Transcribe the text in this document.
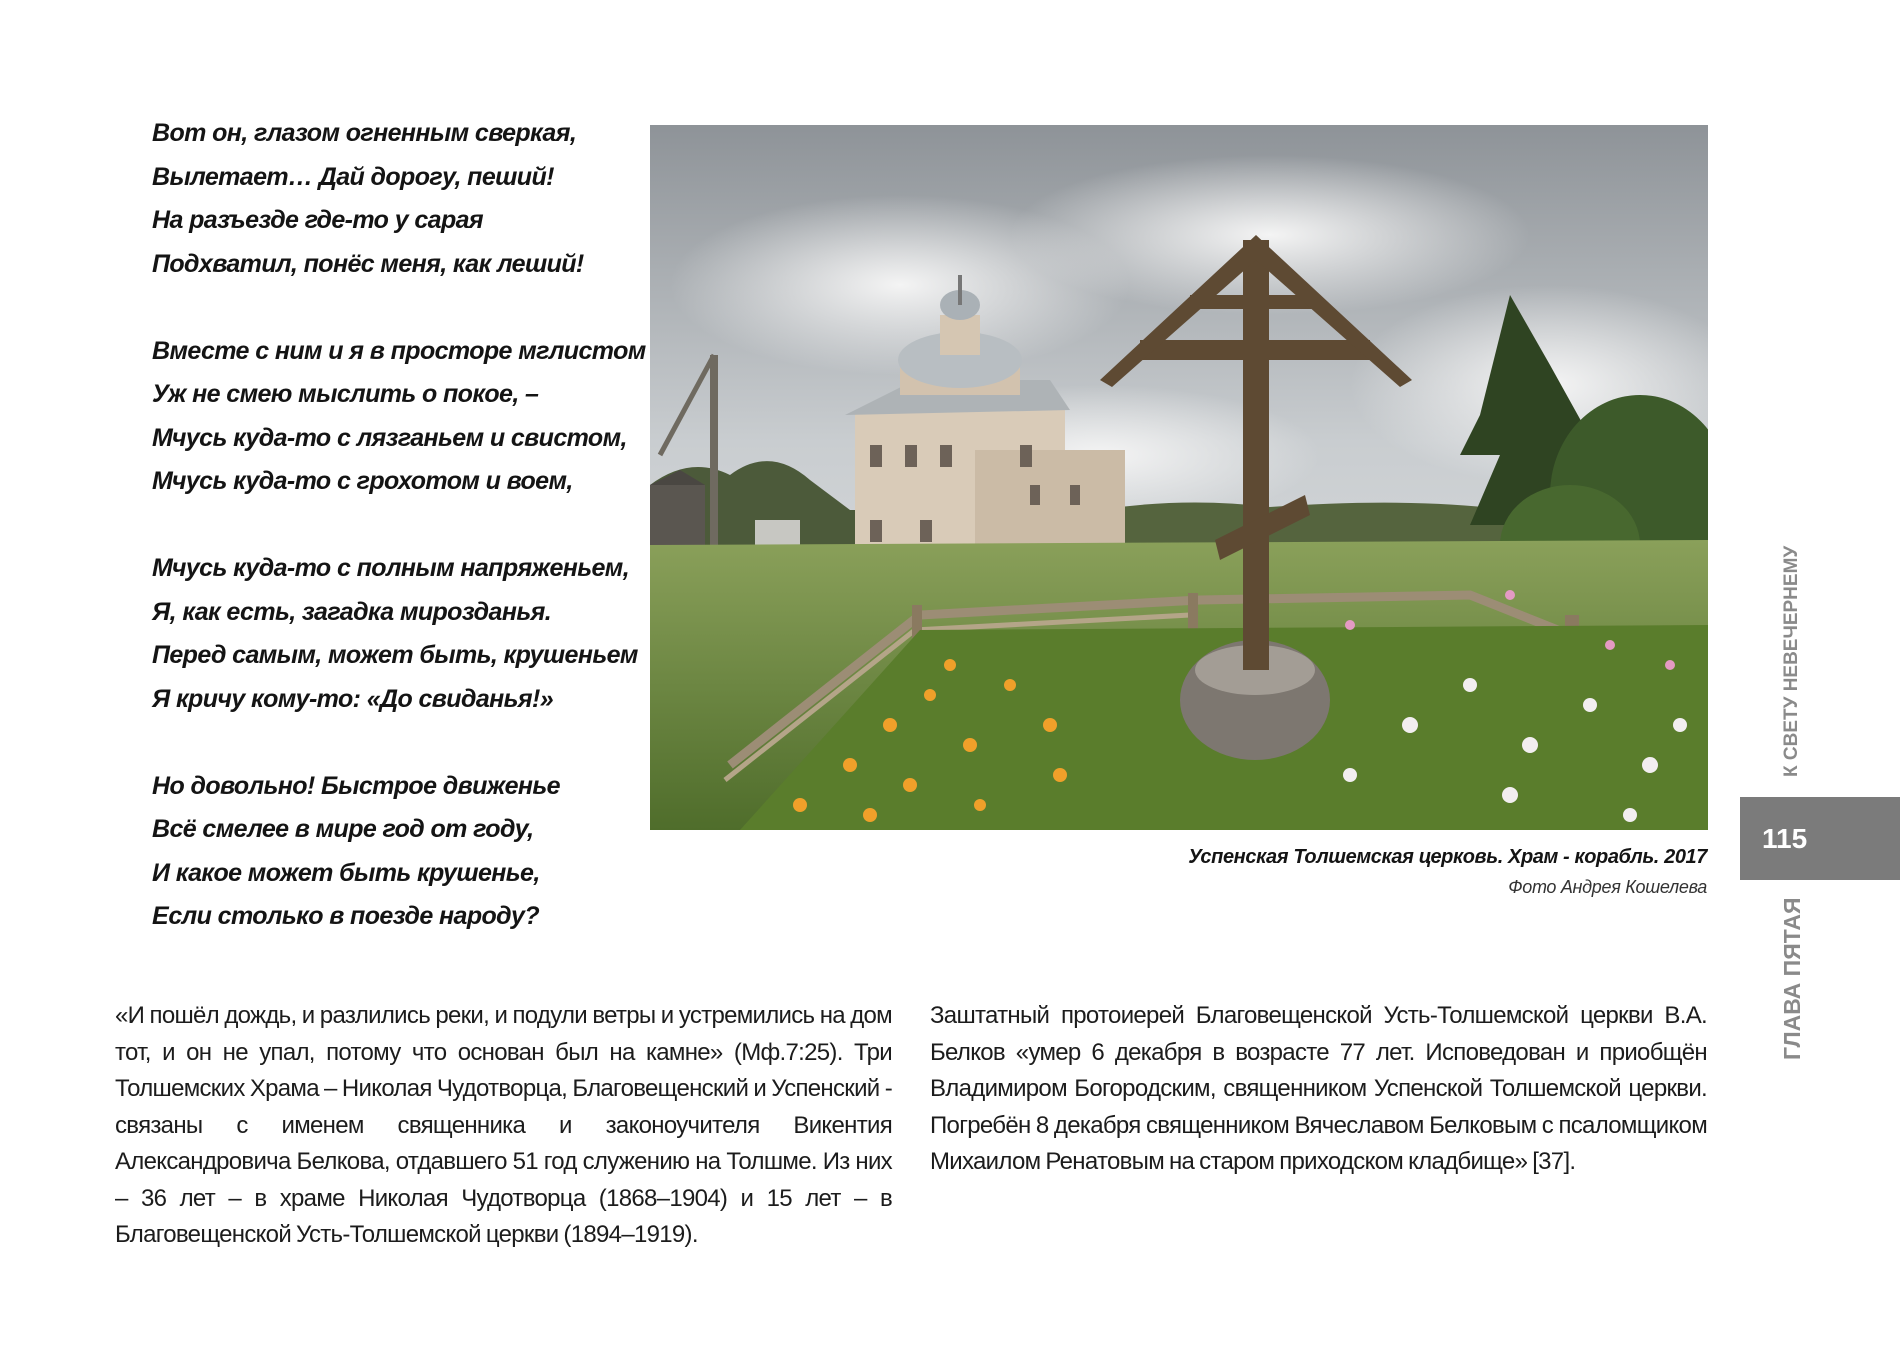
Вот он, глазом огненным сверкая,
Вылетает… Дай дорогу, пеший!
На разъезде где-то у сарая
Подхватил, понёс меня, как леший!
Вместе с ним и я в просторе мглистом
Уж не смею мыслить о покое, –
Мчусь куда-то с лязганьем и свистом,
Мчусь куда-то с грохотом и воем,
Мчусь куда-то с полным напряженьем,
Я, как есть, загадка мирозданья.
Перед самым, может быть, крушеньем
Я кричу кому-то: «До свиданья!»
Но довольно! Быстрое движенье
Всё смелее в мире год от году,
И какое может быть крушенье,
Если столько в поезде народу?
Успенская Толшемская церковь. Храм - корабль. 2017
Фото Андрея Кошелева
«И пошёл дождь, и разлились реки, и подули ветры и устремились на дом тот, и он не упал, потому что основан был на камне» (Мф.7:25). Три Толшемских Храма – Николая Чудотворца, Благовещенский и Успенский - связаны с именем священника и законоучителя Викентия Александровича Белкова, отдавшего 51 год служению на Толшме. Из них – 36 лет – в храме Николая Чудотворца (1868–1904) и 15 лет – в Благовещенской Усть-Толшемской церкви (1894–1919).
Заштатный протоиерей Благовещенской Усть-Толшемской церкви В.А. Белков «умер 6 декабря в возрасте 77 лет. Исповедован и приобщён Владимиром Богородским, священником Успенской Толшемской церкви. Погребён 8 декабря священником Вячеславом Белковым с псаломщиком Михаилом Ренатовым на старом приходском кладбище» [37].
К СВЕТУ НЕВЕЧЕРНЕМУ
115
ГЛАВА ПЯТАЯ
